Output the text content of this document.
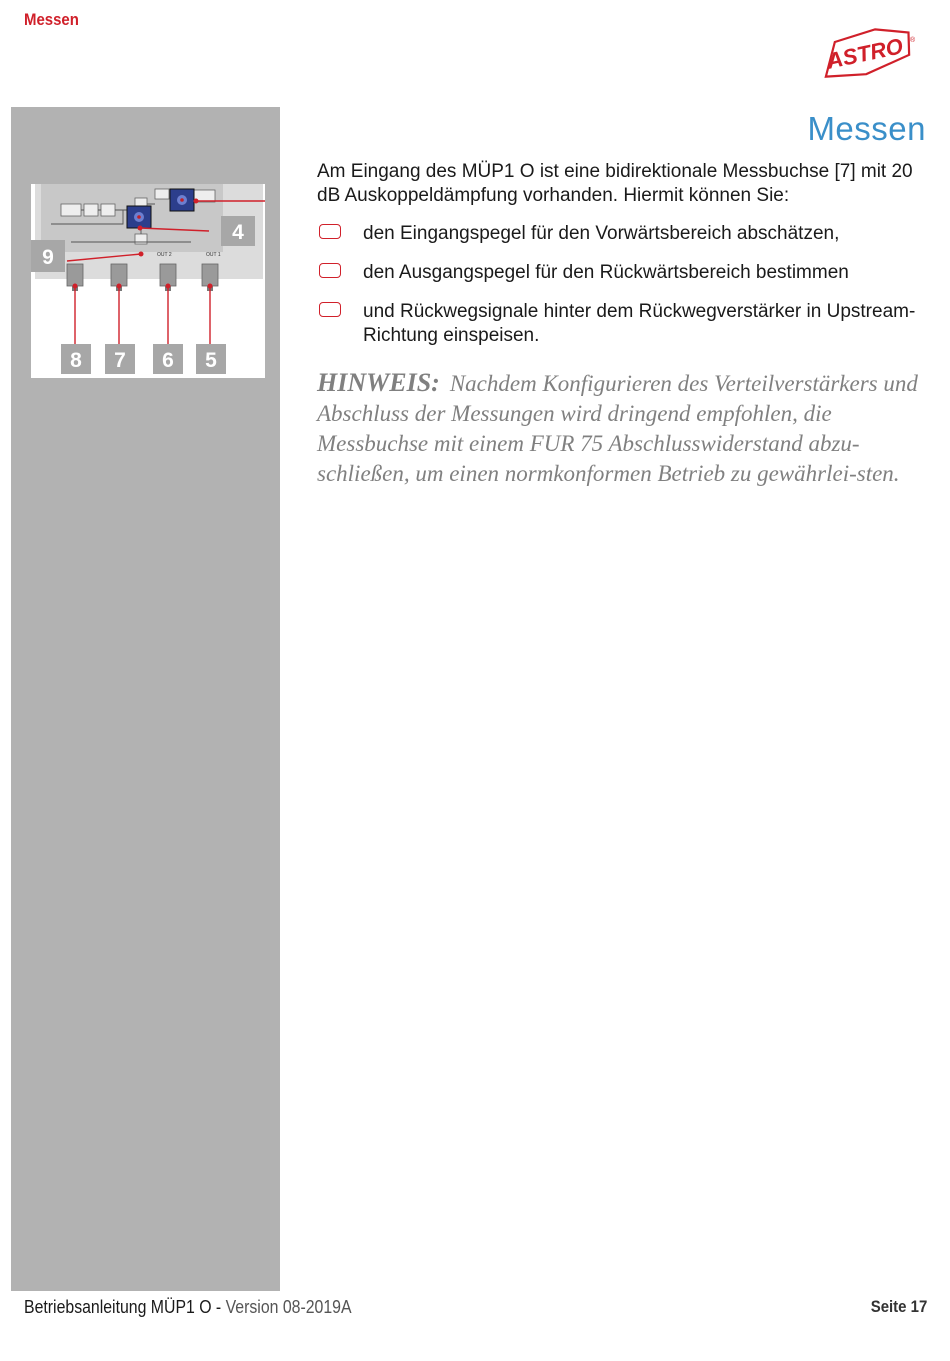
Messen
ASTRO ®
OUT 2	OUT 1
9
4
8 7 6 5
Messen
Am Eingang des MÜP1 O ist eine bidirektionale Messbuchse [7] mit 20 dB Auskoppeldämpfung vorhanden. Hiermit können Sie:
den Eingangspegel für den Vorwärtsbereich abschätzen,
den Ausgangspegel für den Rückwärtsbereich bestimmen
und Rückwegsignale hinter dem Rückwegverstärker in Upstream-Richtung einspeisen.
HINWEIS: Nachdem Konfigurieren des Verteilverstärkers und Abschluss der Messungen wird dringend empfohlen, die Messbuchse mit einem FUR 75 Abschlusswiderstand abzu-schließen, um einen normkonformen Betrieb zu gewährlei-sten.
Betriebsanleitung MÜP1 O - Version 08-2019A	Seite 17
